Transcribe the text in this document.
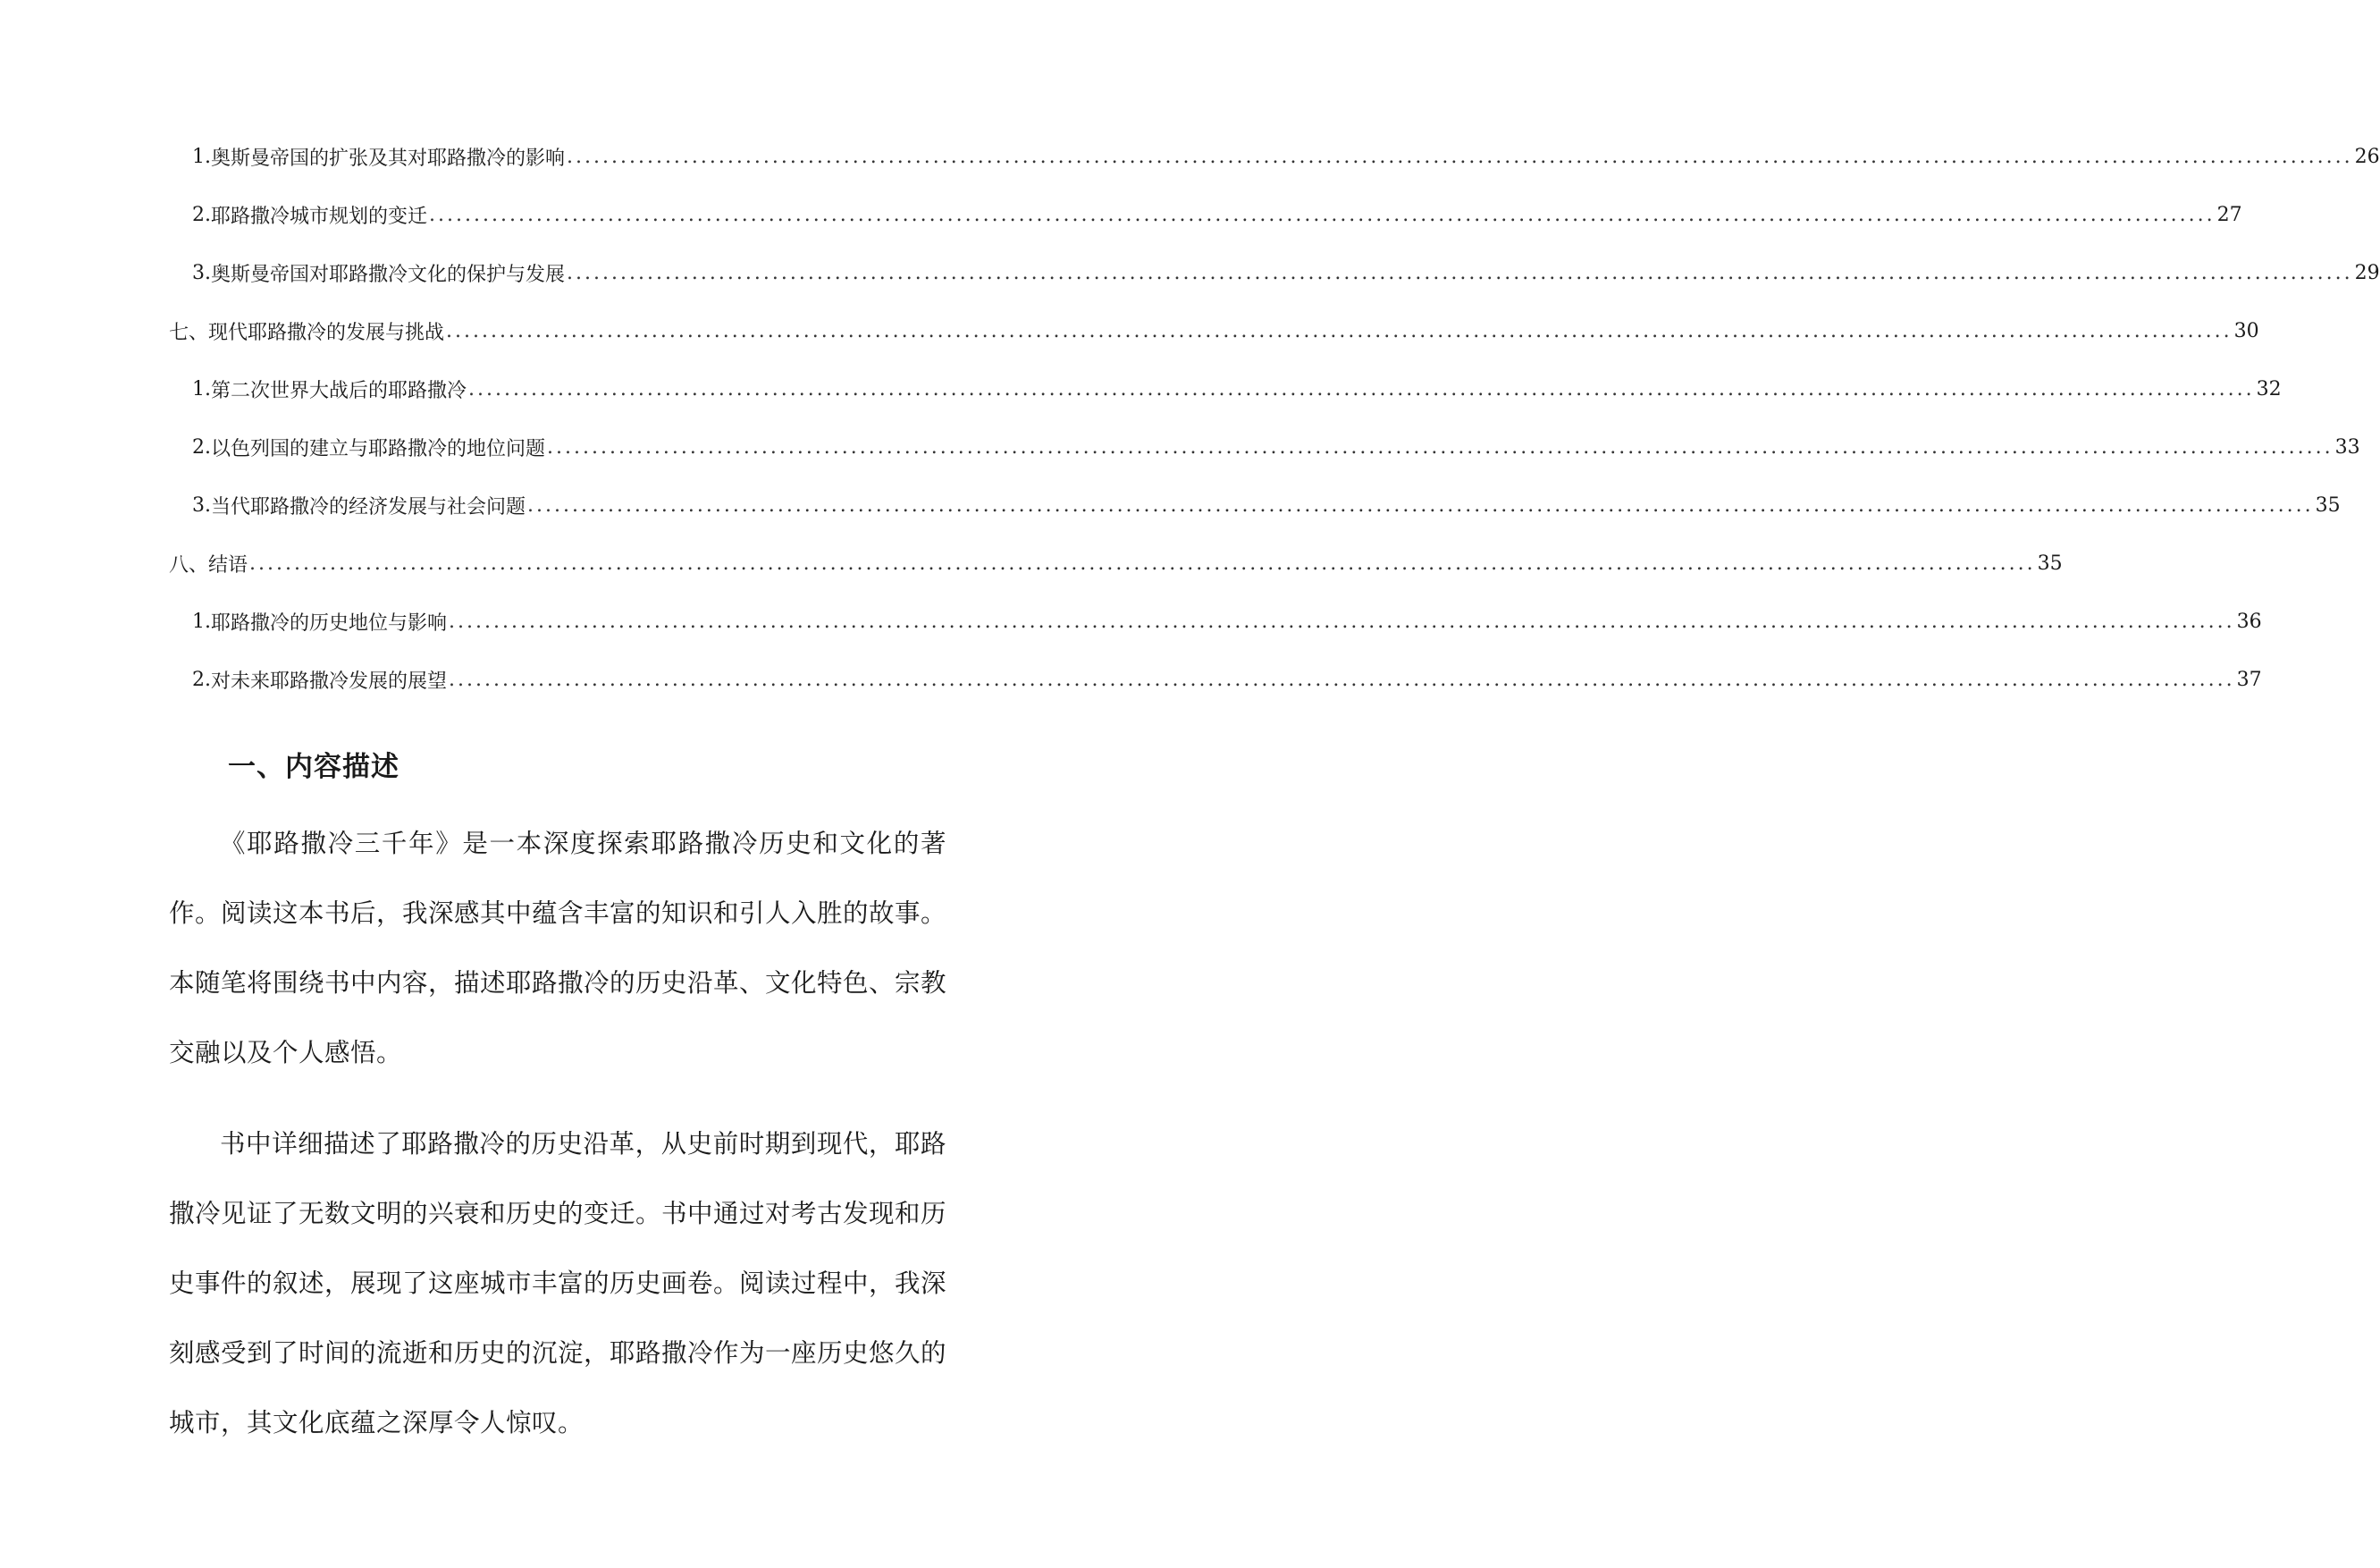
1. 奥斯曼帝国的扩张及其对耶路撒冷的影响 ........................................................................................................................................................................................................ 26
2. 耶路撒冷城市规划的变迁 ........................................................................................................................................................................................................ 27
3. 奥斯曼帝国对耶路撒冷文化的保护与发展 ........................................................................................................................................................................................................ 29
七、现代耶路撒冷的发展与挑战 ........................................................................................................................................................................................................ 30
1. 第二次世界大战后的耶路撒冷 ........................................................................................................................................................................................................ 32
2. 以色列国的建立与耶路撒冷的地位问题 ........................................................................................................................................................................................................ 33
3. 当代耶路撒冷的经济发展与社会问题 ........................................................................................................................................................................................................ 35
八、结语 ........................................................................................................................................................................................................ 35
1. 耶路撒冷的历史地位与影响 ........................................................................................................................................................................................................ 36
2. 对未来耶路撒冷发展的展望 ........................................................................................................................................................................................................ 37
一、内容描述

《耶路撒冷三千年》是一本深度探索耶路撒冷历史和文化的著作。阅读这本书后，我深感其中蕴含丰富的知识和引人入胜的故事。本随笔将围绕书中内容，描述耶路撒冷的历史沿革、文化特色、宗教交融以及个人感悟。

书中详细描述了耶路撒冷的历史沿革，从史前时期到现代，耶路撒冷见证了无数文明的兴衰和历史的变迁。书中通过对考古发现和历史事件的叙述，展现了这座城市丰富的历史画卷。阅读过程中，我深刻感受到了时间的流逝和历史的沉淀，耶路撒冷作为一座历史悠久的城市，其文化底蕴之深厚令人惊叹。
